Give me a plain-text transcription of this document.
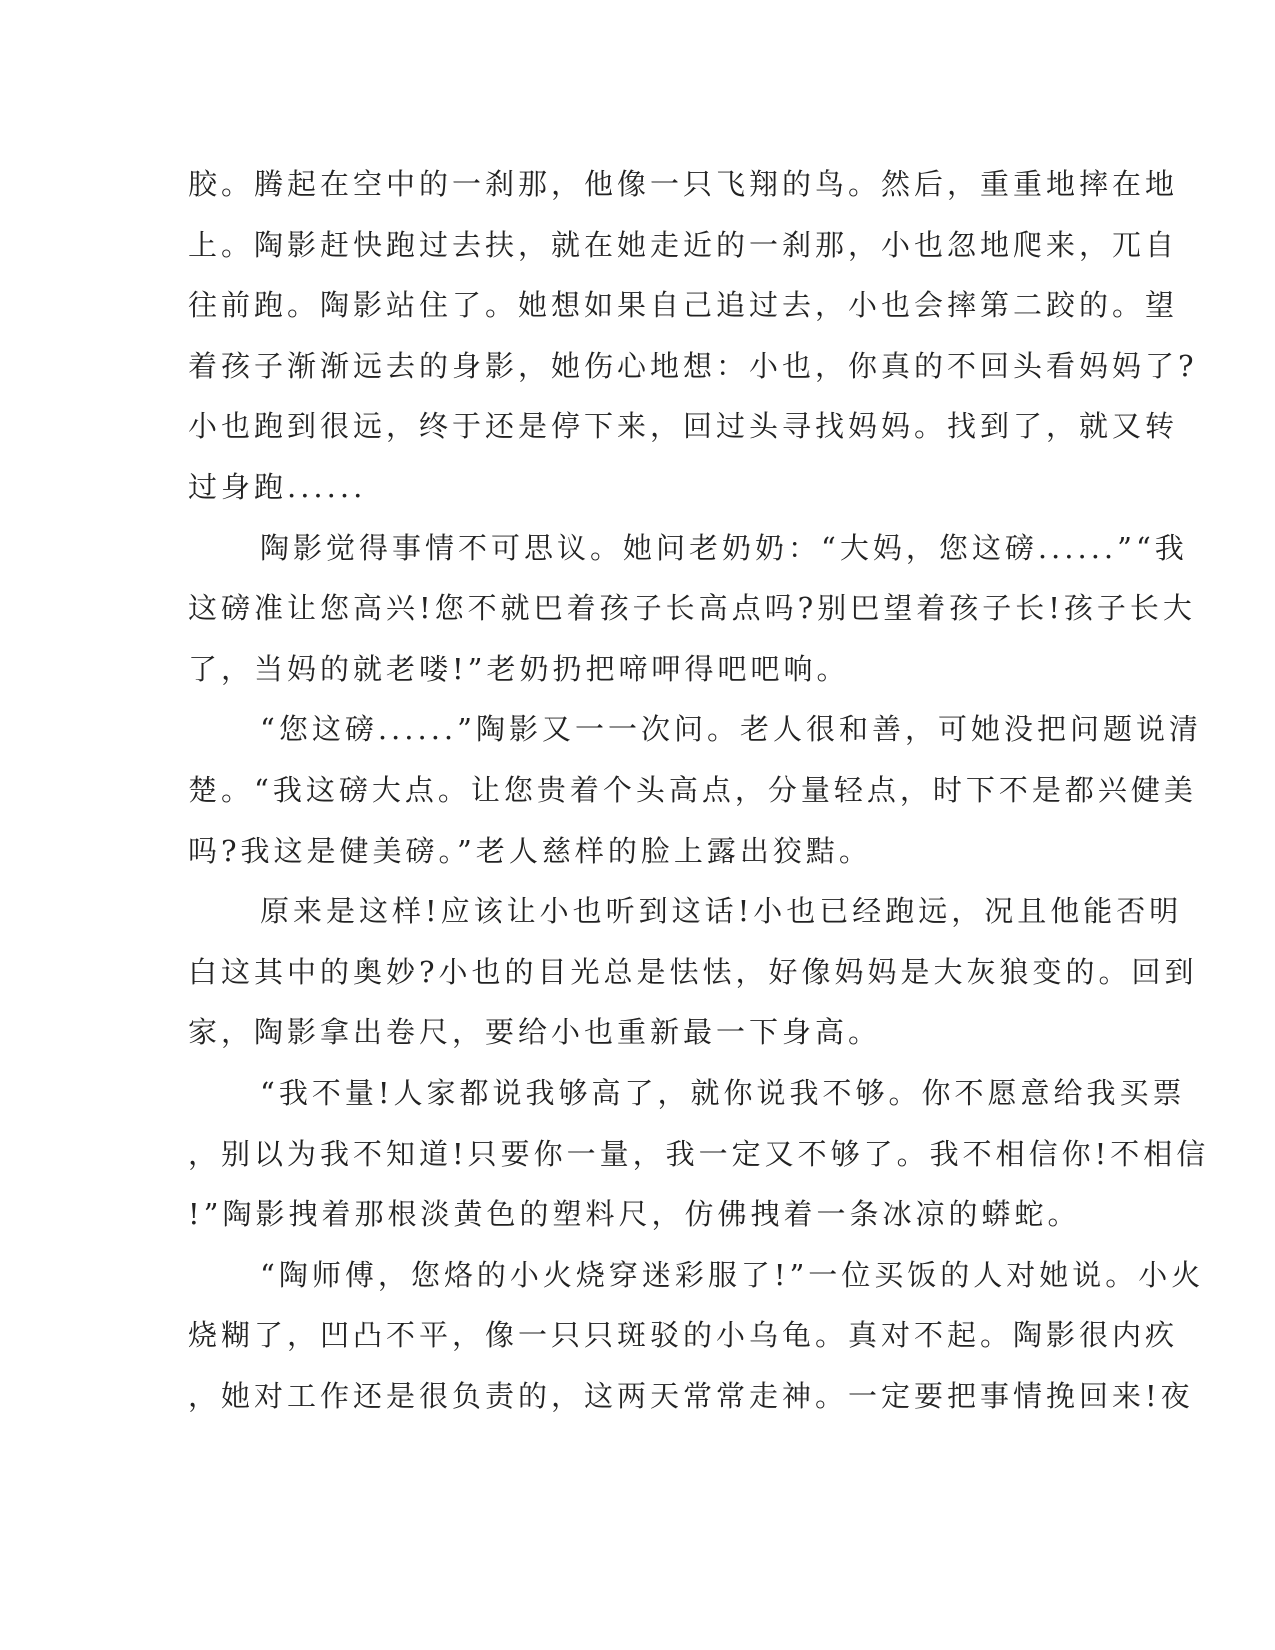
胶。腾起在空中的一刹那，他像一只飞翔的鸟。然后，重重地摔在地
上。陶影赶快跑过去扶，就在她走近的一刹那，小也忽地爬来，兀自
往前跑。陶影站住了。她想如果自己追过去，小也会摔第二跤的。望
着孩子渐渐远去的身影，她伤心地想：小也，你真的不回头看妈妈了?
小也跑到很远，终于还是停下来，回过头寻找妈妈。找到了，就又转
过身跑......
陶影觉得事情不可思议。她问老奶奶：“大妈，您这磅......”“我
这磅准让您高兴!您不就巴着孩子长高点吗?别巴望着孩子长!孩子长大
了，当妈的就老喽!”老奶扔把啼呷得吧吧响。
“您这磅......”陶影又一一次问。老人很和善，可她没把问题说清
楚。“我这磅大点。让您贵着个头高点，分量轻点，时下不是都兴健美
吗?我这是健美磅。”老人慈样的脸上露出狡黠。
原来是这样!应该让小也听到这话!小也已经跑远，况且他能否明
白这其中的奥妙?小也的目光总是怯怯，好像妈妈是大灰狼变的。回到
家，陶影拿出卷尺，要给小也重新最一下身高。
“我不量!人家都说我够高了，就你说我不够。你不愿意给我买票
，别以为我不知道!只要你一量，我一定又不够了。我不相信你!不相信
!”陶影拽着那根淡黄色的塑料尺，仿佛拽着一条冰凉的蟒蛇。
“陶师傅，您烙的小火烧穿迷彩服了!”一位买饭的人对她说。小火
烧糊了，凹凸不平，像一只只斑驳的小乌龟。真对不起。陶影很内疚
，她对工作还是很负责的，这两天常常走神。一定要把事情挽回来!夜
